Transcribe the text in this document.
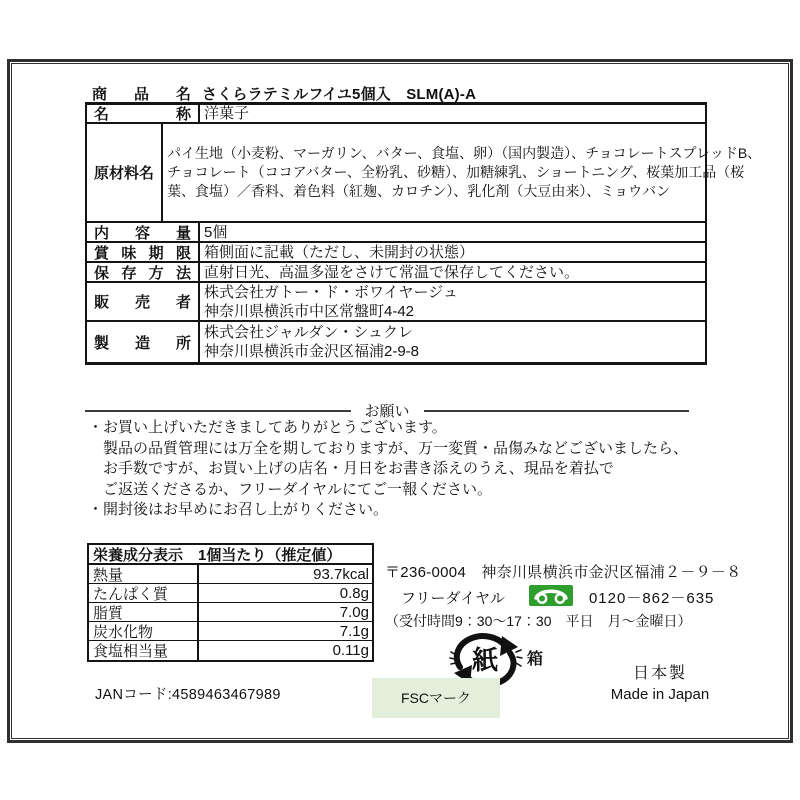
商 品 名 さくらラテミルフイユ5個入　SLM(A)-A
名	称 洋菓子
原 材 料 名
パイ生地（小麦粉、マーガリン、バター、食塩、卵）（国内製造）、チョコレートスプレッドB、
チョコレート（ココアバター、全粉乳、砂糖）、加糖練乳、ショートニング、桜葉加工品（桜
葉、食塩）／香料、着色料（紅麹、カロチン）、乳化剤（大豆由来）、ミョウバン
内 容 量 5個
賞 味 期 限 箱側面に記載（ただし、未開封の状態）
保 存 方 法 直射日光、高温多湿をさけて常温で保存してください。
販 売 者
株式会社ガトー・ド・ボワイヤージュ
神奈川県横浜市中区常盤町4-42
製 造 所
株式会社ジャルダン・シュクレ
神奈川県横浜市金沢区福浦2-9-8
お願い
・お買い上げいただきましてありがとうございます。
　製品の品質管理には万全を期しておりますが、万一変質・品傷みなどございましたら、
　お手数ですが、お買い上げの店名・月日をお書き添えのうえ、現品を着払で
　ご返送くださるか、フリーダイヤルにてご一報ください。
・開封後はお早めにお召し上がりください。
栄養成分表示　1個当たり（推定値）
熱量	93.7kcal
たんぱく質	0.8g
脂質	7.0g
炭水化物	7.1g
食塩相当量	0.11g
〒236-0004　神奈川県横浜市金沢区福浦２－９－８
フリーダイヤル	0120－862－635
（受付時間9：30～17：30　平日　月～金曜日）
紙 箱
FSCマーク
日本製
Made in Japan
JANコード:4589463467989
